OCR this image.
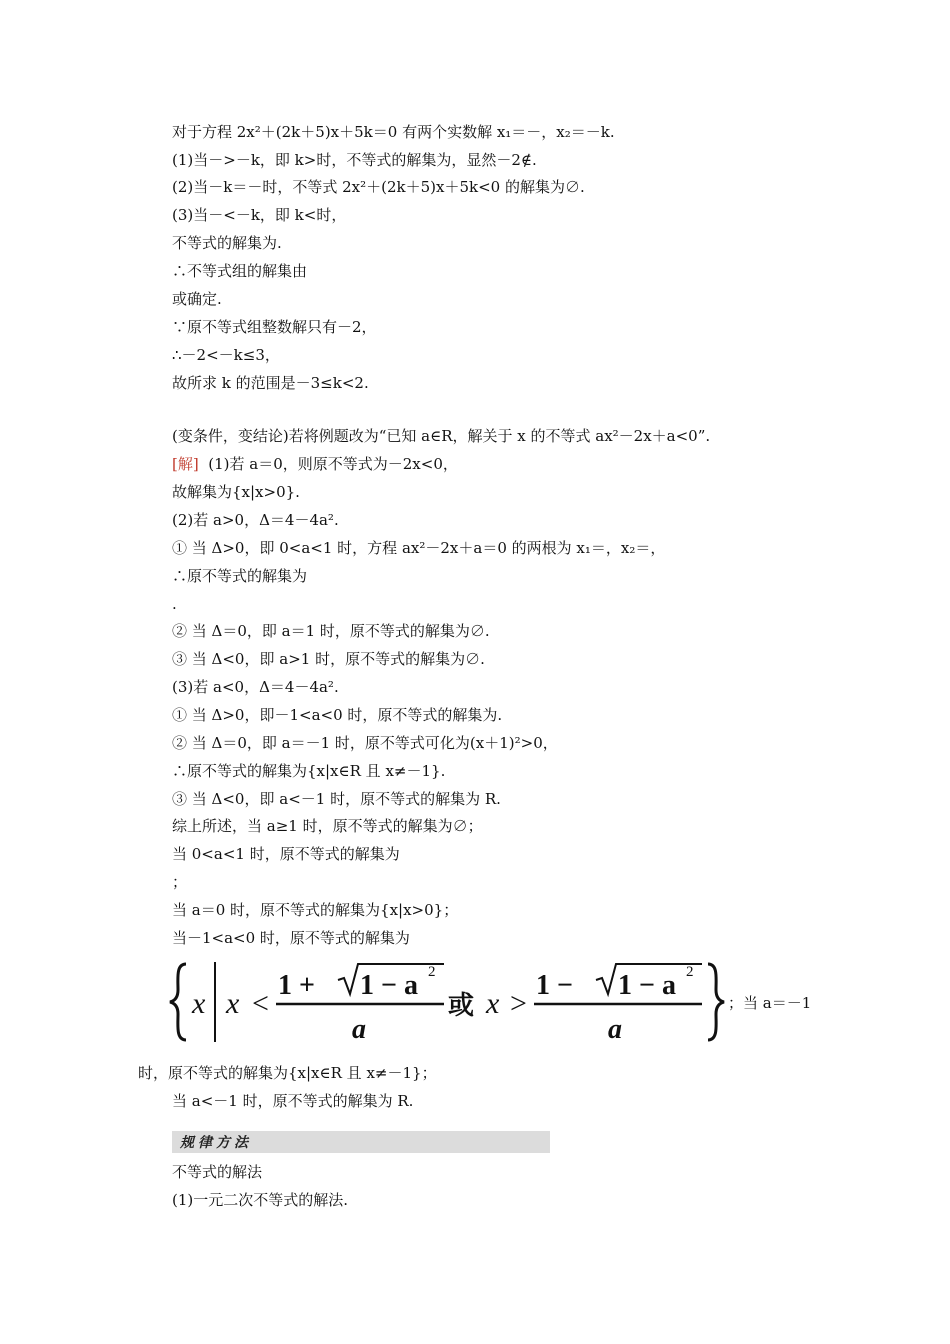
对于方程 2x²＋(2k＋5)x＋5k＝0 有两个实数解 x₁＝－，x₂＝－k.
(1)当－>－k，即 k>时，不等式的解集为，显然－2∉.
(2)当－k＝－时，不等式 2x²＋(2k＋5)x＋5k<0 的解集为∅.
(3)当－<－k，即 k<时，
不等式的解集为.
∴不等式组的解集由
或确定.
∵原不等式组整数解只有－2，
∴－2<－k≤3，
故所求 k 的范围是－3≤k<2.
(变条件，变结论)若将例题改为“已知 a∈R，解关于 x 的不等式 ax²－2x＋a<0”.
[解] (1)若 a＝0，则原不等式为－2x<0，
故解集为{x|x>0}.
(2)若 a>0，Δ＝4－4a².
① 当 Δ>0，即 0<a<1 时，方程 ax²－2x＋a＝0 的两根为 x₁＝，x₂＝，
∴原不等式的解集为
.
② 当 Δ＝0，即 a＝1 时，原不等式的解集为∅.
③ 当 Δ<0，即 a>1 时，原不等式的解集为∅.
(3)若 a<0，Δ＝4－4a².
① 当 Δ>0，即－1<a<0 时，原不等式的解集为.
② 当 Δ＝0，即 a＝－1 时，原不等式可化为(x＋1)²>0，
∴原不等式的解集为{x|x∈R 且 x≠－1}.
③ 当 Δ<0，即 a<－1 时，原不等式的解集为 R.
综上所述，当 a≥1 时，原不等式的解集为∅；
当 0<a<1 时，原不等式的解集为
；
当 a＝0 时，原不等式的解集为{x|x>0}；
当－1<a<0 时，原不等式的解集为
x x <
1 + 1 − a 2
a
或 x >
1 − 1 − a 2
a
；当 a＝－1
时，原不等式的解集为{x|x∈R 且 x≠－1}；
当 a<－1 时，原不等式的解集为 R.
规律方法
不等式的解法
(1)一元二次不等式的解法.
